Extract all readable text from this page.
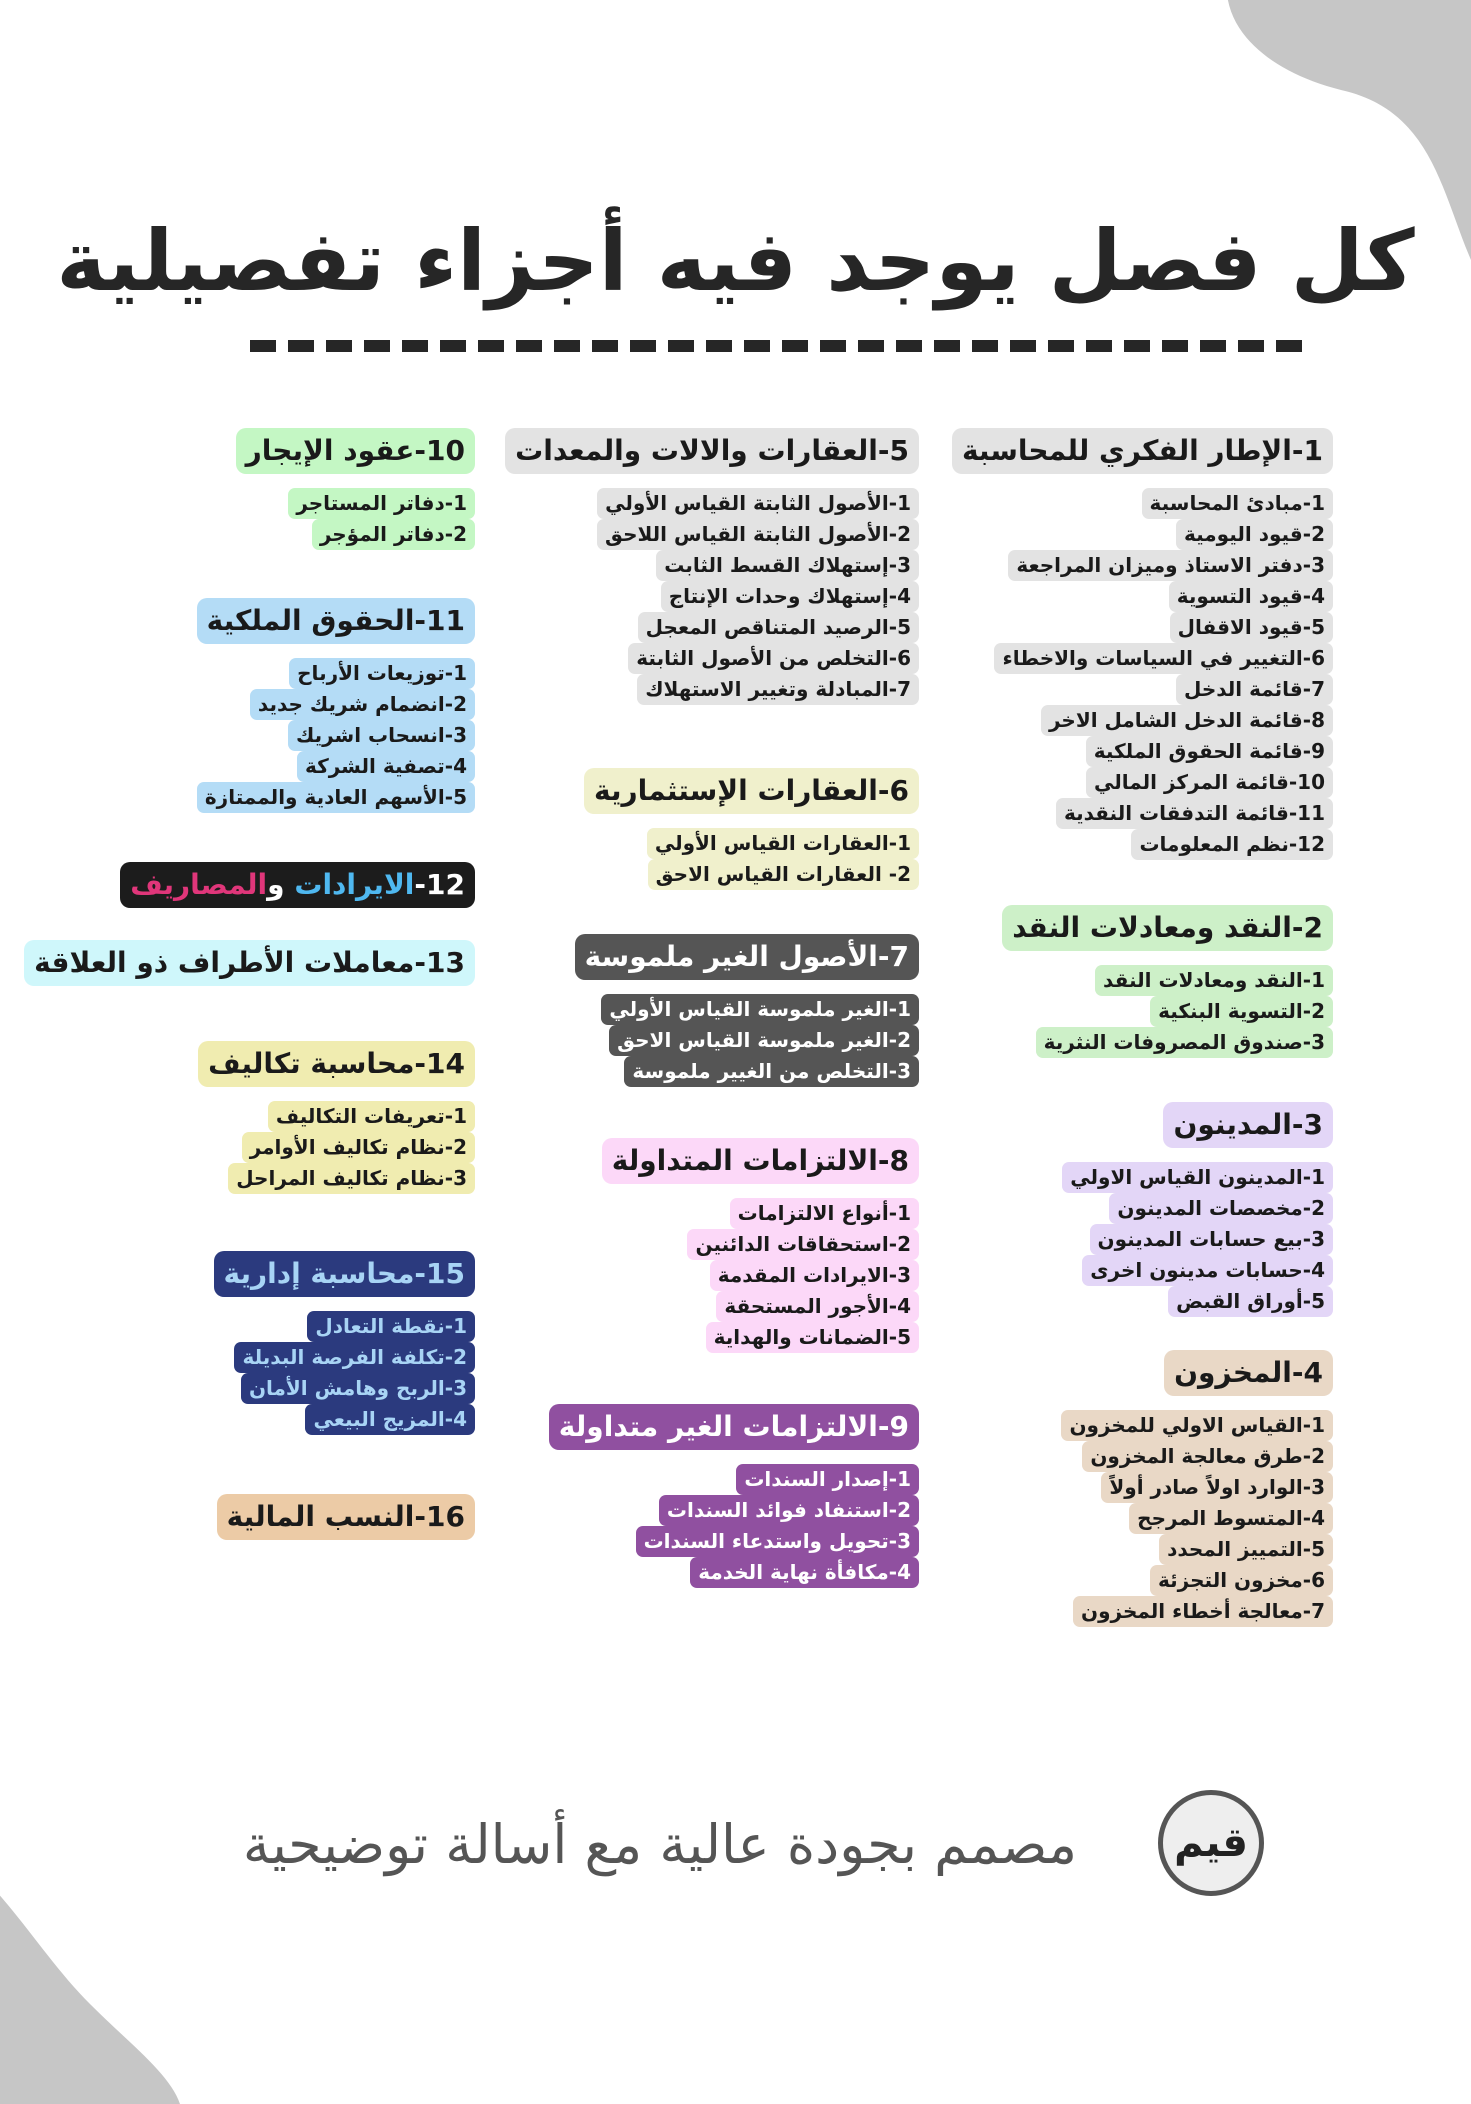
كل فصل يوجد فيه أجزاء تفصيلية
1-الإطار الفكري للمحاسبة
1-مبادئ المحاسبة
2-قيود اليومية
3-دفتر الاستاذ وميزان المراجعة
4-قيود التسوية
5-قيود الاقفال
6-التغيير في السياسات والاخطاء
7-قائمة الدخل
8-قائمة الدخل الشامل الاخر
9-قائمة الحقوق الملكية
10-قائمة المركز المالي
11-قائمة التدفقات النقدية
12-نظم المعلومات
2-النقد ومعادلات النقد
1-النقد ومعادلات النقد
2-التسوية البنكية
3-صندوق المصروفات النثرية
3-المدينون
1-المدينون القياس الاولي
2-مخصصات المدينون
3-بيع حسابات المدينون
4-حسابات مدينون اخرى
5-أوراق القبض
4-المخزون
1-القياس الاولي للمخزون
2-طرق معالجة المخزون
3-الوارد اولاً صادر أولاً
4-المتسوط المرجح
5-التمييز المحدد
6-مخزون التجزئة
7-معالجة أخطاء المخزون
5-العقارات والالات والمعدات
1-الأصول الثابتة القياس الأولي
2-الأصول الثابتة القياس اللاحق
3-إستهلاك القسط الثابت
4-إستهلاك وحدات الإنتاج
5-الرصيد المتناقص المعجل
6-التخلص من الأصول الثابتة
7-المبادلة وتغيير الاستهلاك
6-العقارات الإستثمارية
1-العقارات القياس الأولي
2- العقارات القياس الاحق
7-الأصول الغير ملموسة
1-الغير ملموسة القياس الأولي
2-الغير ملموسة القياس الاحق
3-التخلص من الغيير ملموسة
8-الالتزامات المتداولة
1-أنواع الالتزامات
2-استحقاقات الدائنين
3-الايرادات المقدمة
4-الأجور المستحقة
5-الضمانات والهداية
9-الالتزامات الغير متداولة
1-إصدار السندات
2-استنفاد فوائد السندات
3-تحويل واستدعاء السندات
4-مكافأة نهاية الخدمة
10-عقود الإيجار
1-دفاتر المستاجر
2-دفاتر المؤجر
11-الحقوق الملكية
1-توزيعات الأرباح
2-انضمام شريك جديد
3-انسحاب اشريك
4-تصفية الشركة
5-الأسهم العادية والممتازة
12-الايرادات والمصاريف
13-معاملات الأطراف ذو العلاقة
14-محاسبة تكاليف
1-تعريفات التكاليف
2-نظام تكاليف الأوامر
3-نظام تكاليف المراحل
15-محاسبة إدارية
1-نقطة التعادل
2-تكلفة الفرصة البديلة
3-الربح وهامش الأمان
4-المزيج البيعي
16-النسب المالية
قيم
مصمم بجودة عالية مع أسالة توضيحية
